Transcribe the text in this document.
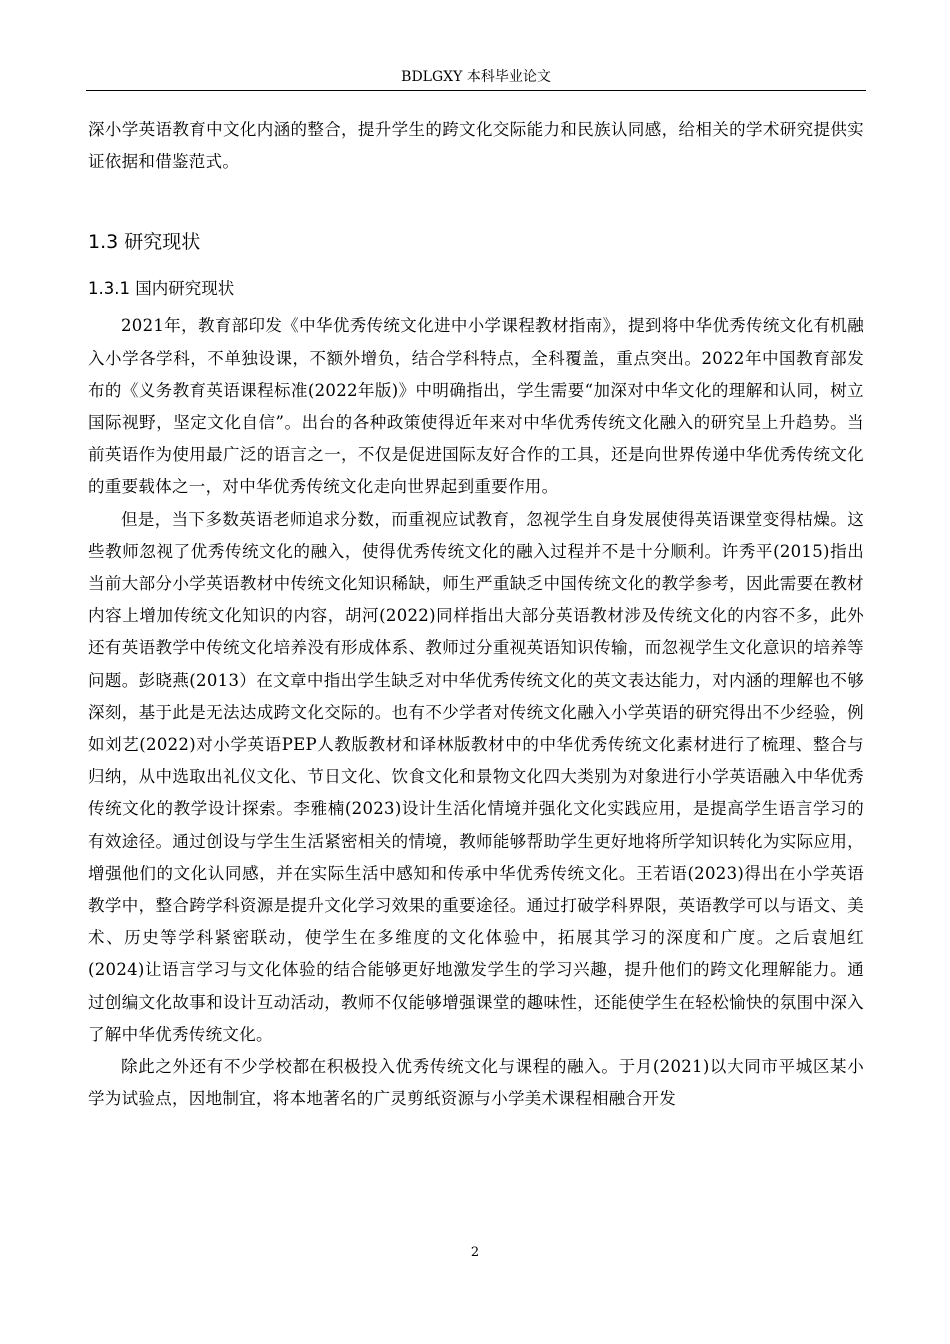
BDLGXY 本科毕业论文

深小学英语教育中文化内涵的整合，提升学生的跨文化交际能力和民族认同感，给相关的学术研究提供实证依据和借鉴范式。

1.3 研究现状
1.3.1 国内研究现状

2021年，教育部印发《中华优秀传统文化进中小学课程教材指南》，提到将中华优秀传统文化有机融入小学各学科，不单独设课，不额外增负，结合学科特点，全科覆盖，重点突出。2022年中国教育部发布的《义务教育英语课程标准(2022年版)》中明确指出，学生需要“加深对中华文化的理解和认同，树立国际视野，坚定文化自信”。出台的各种政策使得近年来对中华优秀传统文化融入的研究呈上升趋势。当前英语作为使用最广泛的语言之一，不仅是促进国际友好合作的工具，还是向世界传递中华优秀传统文化的重要载体之一，对中华优秀传统文化走向世界起到重要作用。

但是，当下多数英语老师追求分数，而重视应试教育，忽视学生自身发展使得英语课堂变得枯燥。这些教师忽视了优秀传统文化的融入，使得优秀传统文化的融入过程并不是十分顺利。许秀平(2015)指出当前大部分小学英语教材中传统文化知识稀缺，师生严重缺乏中国传统文化的教学参考，因此需要在教材内容上增加传统文化知识的内容，胡河(2022)同样指出大部分英语教材涉及传统文化的内容不多，此外还有英语教学中传统文化培养没有形成体系、教师过分重视英语知识传输，而忽视学生文化意识的培养等问题。彭晓燕(2013）在文章中指出学生缺乏对中华优秀传统文化的英文表达能力，对内涵的理解也不够深刻，基于此是无法达成跨文化交际的。也有不少学者对传统文化融入小学英语的研究得出不少经验，例如刘艺(2022)对小学英语PEP人教版教材和译林版教材中的中华优秀传统文化素材进行了梳理、整合与归纳，从中选取出礼仪文化、节日文化、饮食文化和景物文化四大类别为对象进行小学英语融入中华优秀传统文化的教学设计探索。李雅楠(2023)设计生活化情境并强化文化实践应用，是提高学生语言学习的有效途径。通过创设与学生生活紧密相关的情境，教师能够帮助学生更好地将所学知识转化为实际应用，增强他们的文化认同感，并在实际生活中感知和传承中华优秀传统文化。王若语(2023)得出在小学英语教学中，整合跨学科资源是提升文化学习效果的重要途径。通过打破学科界限，英语教学可以与语文、美术、历史等学科紧密联动，使学生在多维度的文化体验中，拓展其学习的深度和广度。之后袁旭红(2024)让语言学习与文化体验的结合能够更好地激发学生的学习兴趣，提升他们的跨文化理解能力。通过创编文化故事和设计互动活动，教师不仅能够增强课堂的趣味性，还能使学生在轻松愉快的氛围中深入了解中华优秀传统文化。

除此之外还有不少学校都在积极投入优秀传统文化与课程的融入。于月(2021)以大同市平城区某小学为试验点，因地制宜，将本地著名的广灵剪纸资源与小学美术课程相融合开发

2
